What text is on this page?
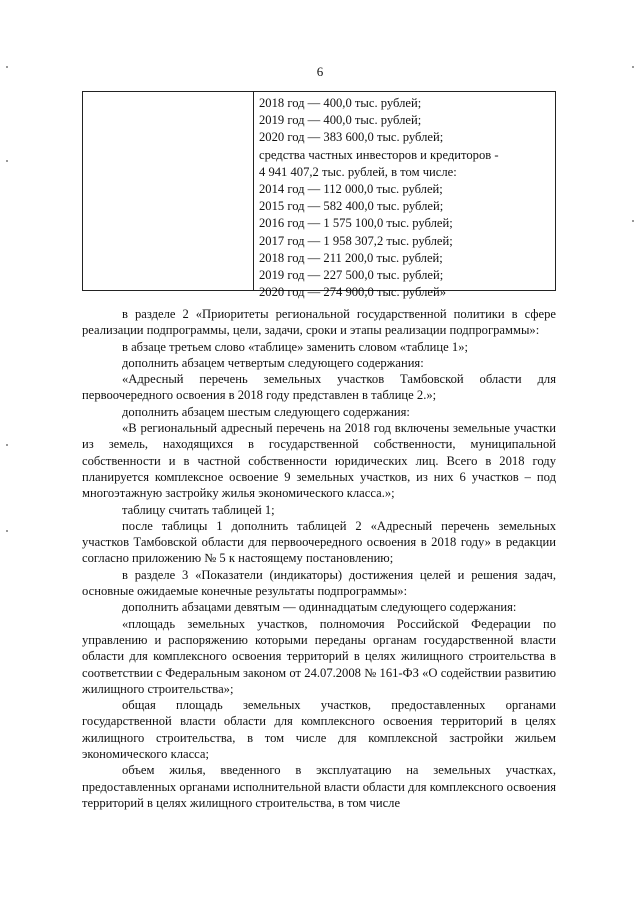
6
2018 год — 400,0 тыс. рублей;
2019 год — 400,0 тыс. рублей;
2020 год — 383 600,0 тыс. рублей;
средства частных инвесторов и кредиторов -
4 941 407,2 тыс. рублей, в том числе:
2014 год — 112 000,0 тыс. рублей;
2015 год — 582 400,0 тыс. рублей;
2016 год — 1 575 100,0 тыс. рублей;
2017 год — 1 958 307,2 тыс. рублей;
2018 год — 211 200,0 тыс. рублей;
2019 год — 227 500,0 тыс. рублей;
2020 год — 274 900,0 тыс. рублей»

в разделе 2 «Приоритеты региональной государственной политики в сфере реализации подпрограммы, цели, задачи, сроки и этапы реализации подпрограммы»:

в абзаце третьем слово «таблице» заменить словом «таблице 1»;

дополнить абзацем четвертым следующего содержания:

«Адресный перечень земельных участков Тамбовской области для первоочередного освоения в 2018 году представлен в таблице 2.»;

дополнить абзацем шестым следующего содержания:

«В региональный адресный перечень на 2018 год включены земельные участки из земель, находящихся в государственной собственности, муниципальной собственности и в частной собственности юридических лиц. Всего в 2018 году планируется комплексное освоение 9 земельных участков, из них 6 участков – под многоэтажную застройку жилья экономического класса.»;

таблицу считать таблицей 1;

после таблицы 1 дополнить таблицей 2 «Адресный перечень земельных участков Тамбовской области для первоочередного освоения в 2018 году» в редакции согласно приложению № 5 к настоящему постановлению;

в разделе 3 «Показатели (индикаторы) достижения целей и решения задач, основные ожидаемые конечные результаты подпрограммы»:

дополнить абзацами девятым — одиннадцатым следующего содержания:

«площадь земельных участков, полномочия Российской Федерации по управлению и распоряжению которыми переданы органам государственной власти области для комплексного освоения территорий в целях жилищного строительства в соответствии с Федеральным законом от 24.07.2008 № 161-ФЗ «О содействии развитию жилищного строительства»;

общая площадь земельных участков, предоставленных органами государственной власти области для комплексного освоения территорий в целях жилищного строительства, в том числе для комплексной застройки жильем экономического класса;

объем жилья, введенного в эксплуатацию на земельных участках, предоставленных органами исполнительной власти области для комплексного освоения территорий в целях жилищного строительства, в том числе
